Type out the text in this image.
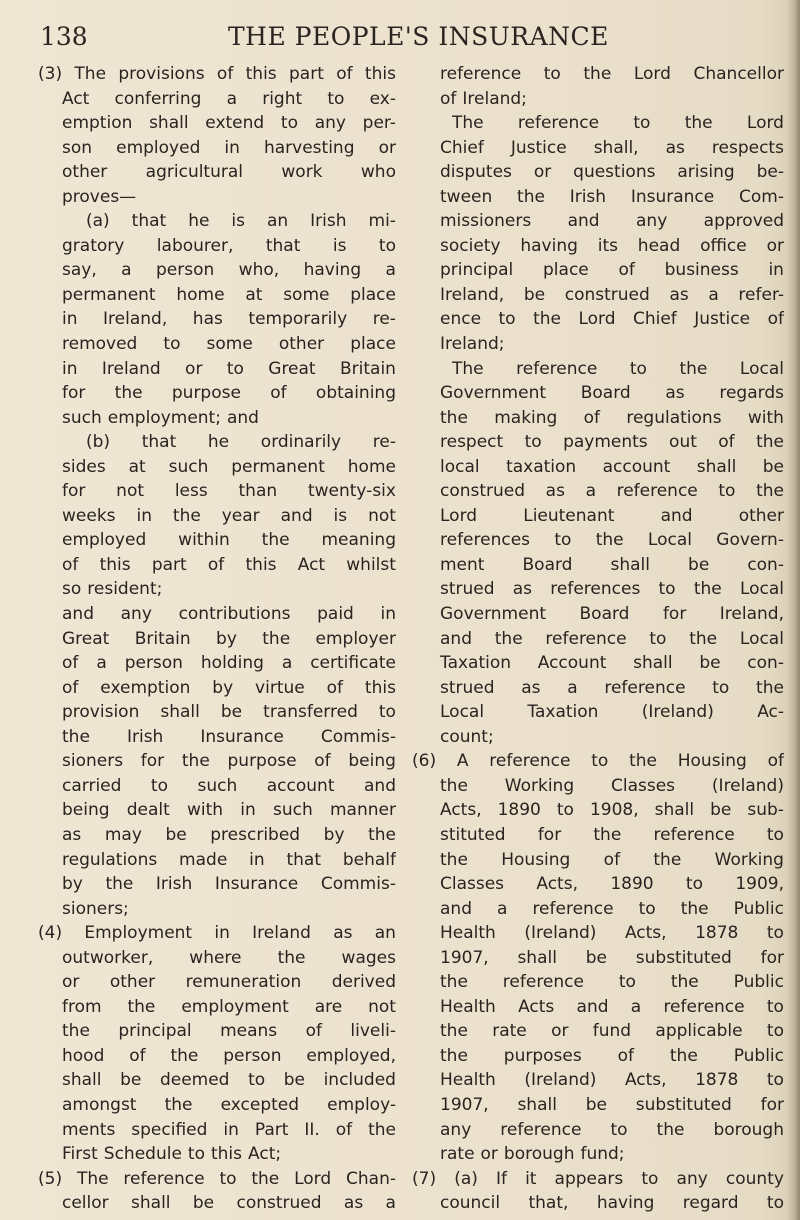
138	THE PEOPLE'S INSURANCE
(3) The provisions of this part of this
Act conferring a right to ex-
emption shall extend to any per-
son employed in harvesting or
other agricultural work who
proves—
(a) that he is an Irish mi-
gratory labourer, that is to
say, a person who, having a
permanent home at some place
in Ireland, has temporarily re-
removed to some other place
in Ireland or to Great Britain
for the purpose of obtaining
such employment; and
(b) that he ordinarily re-
sides at such permanent home
for not less than twenty-six
weeks in the year and is not
employed within the meaning
of this part of this Act whilst
so resident;
and any contributions paid in
Great Britain by the employer
of a person holding a certificate
of exemption by virtue of this
provision shall be transferred to
the Irish Insurance Commis-
sioners for the purpose of being
carried to such account and
being dealt with in such manner
as may be prescribed by the
regulations made in that behalf
by the Irish Insurance Commis-
sioners;
(4) Employment in Ireland as an
outworker, where the wages
or other remuneration derived
from the employment are not
the principal means of liveli-
hood of the person employed,
shall be deemed to be included
amongst the excepted employ-
ments specified in Part II. of the
First Schedule to this Act;
(5) The reference to the Lord Chan-
cellor shall be construed as a
reference to the Lord Chancellor
of Ireland;
The reference to the Lord
Chief Justice shall, as respects
disputes or questions arising be-
tween the Irish Insurance Com-
missioners and any approved
society having its head office or
principal place of business in
Ireland, be construed as a refer-
ence to the Lord Chief Justice of
Ireland;
The reference to the Local
Government Board as regards
the making of regulations with
respect to payments out of the
local taxation account shall be
construed as a reference to the
Lord	Lieutenant	and	other
references to the Local Govern-
ment Board shall be con-
strued as references to the Local
Government Board for Ireland,
and the reference to the Local
Taxation Account shall be con-
strued as a reference to the
Local	Taxation	(Ireland)	Ac-
count;
(6) A reference to the Housing of
the Working Classes (Ireland)
Acts, 1890 to 1908, shall be sub-
stituted for the reference to
the Housing of the Working
Classes Acts, 1890 to 1909,
and a reference to the Public
Health (Ireland) Acts, 1878 to
1907, shall be substituted for
the reference to the Public
Health Acts and a reference to
the rate or fund applicable to
the purposes of the Public
Health (Ireland) Acts, 1878 to
1907, shall be substituted for
any reference to the borough
rate or borough fund;
(7) (a) If it appears to any county
council that, having regard to
